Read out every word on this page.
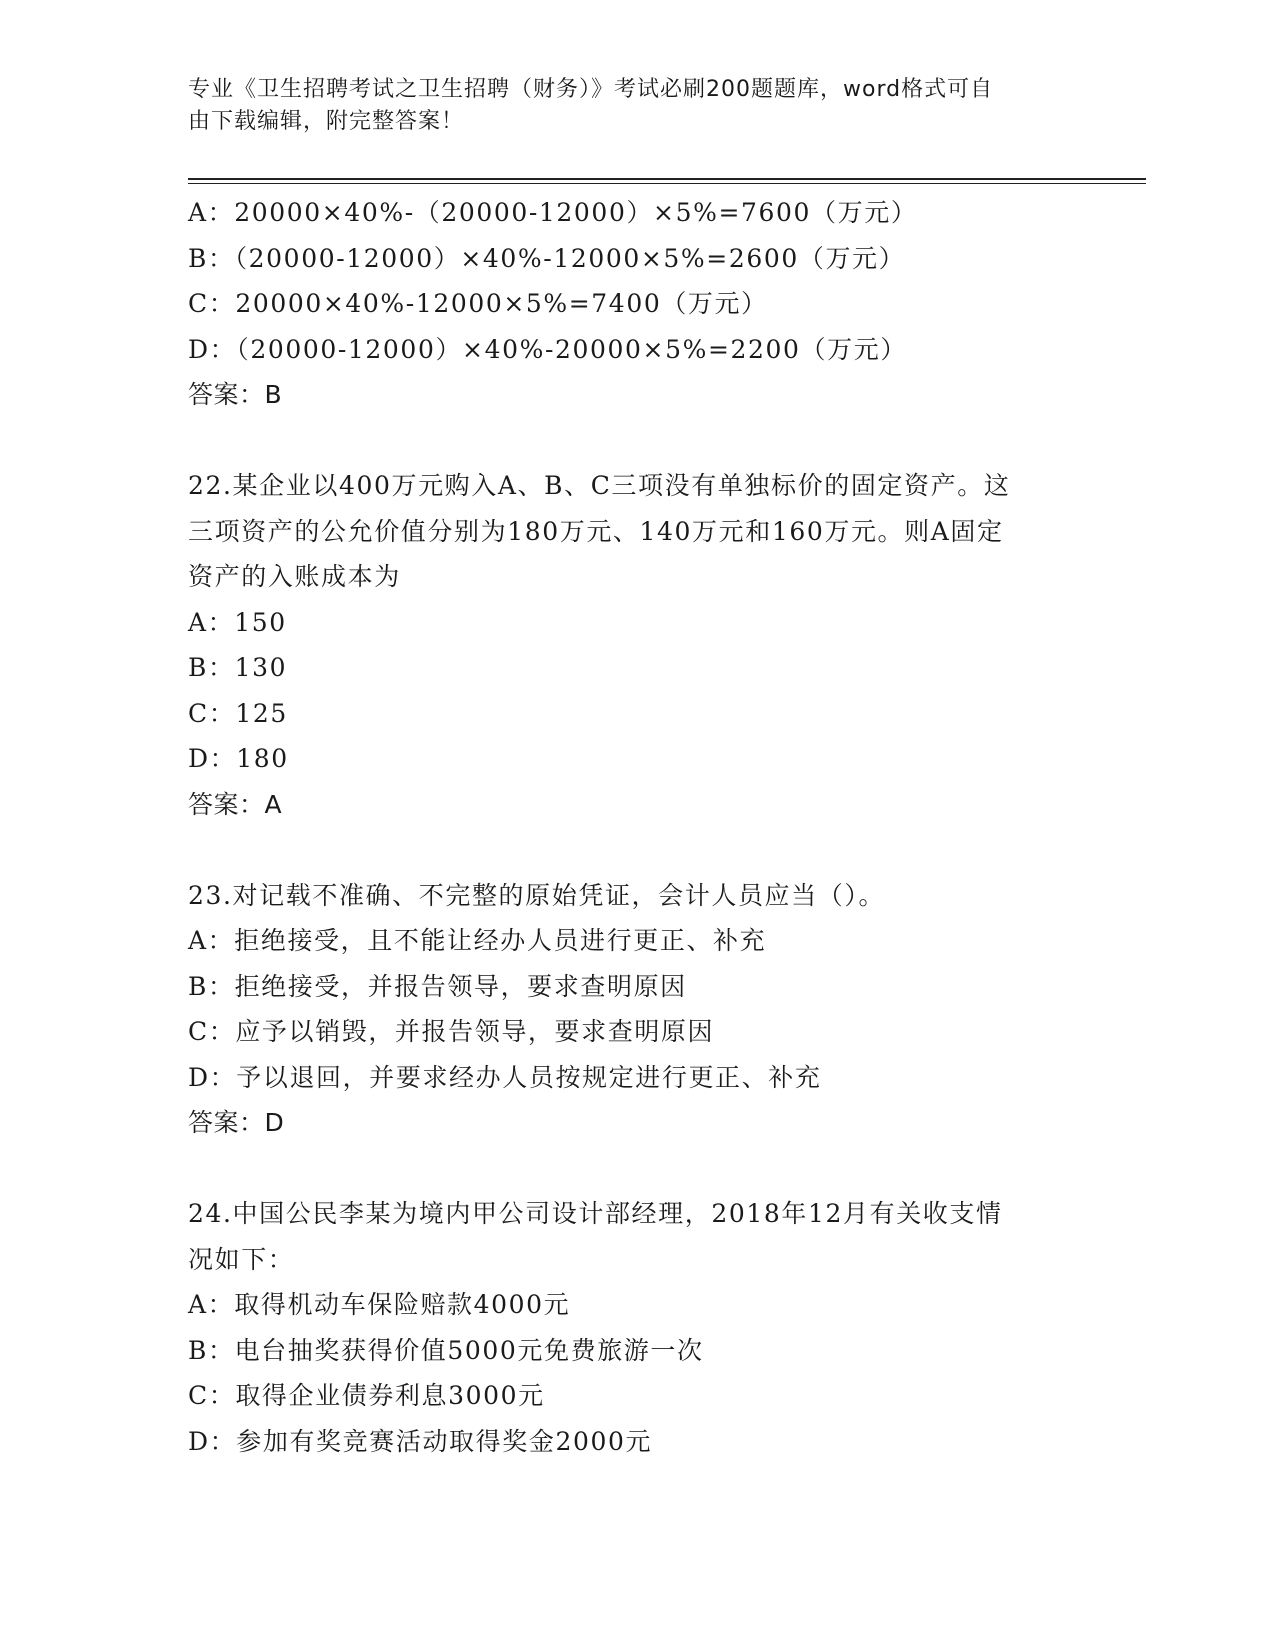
专业《卫生招聘考试之卫生招聘（财务）》考试必刷200题题库，word格式可自
由下载编辑，附完整答案！
A：20000×40%-（20000-12000）×5%=7600（万元）
B：（20000-12000）×40%-12000×5%=2600（万元）
C：20000×40%-12000×5%=7400（万元）
D：（20000-12000）×40%-20000×5%=2200（万元）
答案：B
22.某企业以400万元购入A、B、C三项没有单独标价的固定资产。这
三项资产的公允价值分别为180万元、140万元和160万元。则A固定
资产的入账成本为
A：150
B：130
C：125
D：180
答案：A
23.对记载不准确、不完整的原始凭证，会计人员应当（）。
A：拒绝接受，且不能让经办人员进行更正、补充
B：拒绝接受，并报告领导，要求查明原因
C：应予以销毁，并报告领导，要求查明原因
D：予以退回，并要求经办人员按规定进行更正、补充
答案：D
24.中国公民李某为境内甲公司设计部经理，2018年12月有关收支情
况如下：
A：取得机动车保险赔款4000元
B：电台抽奖获得价值5000元免费旅游一次
C：取得企业债券利息3000元
D：参加有奖竞赛活动取得奖金2000元
